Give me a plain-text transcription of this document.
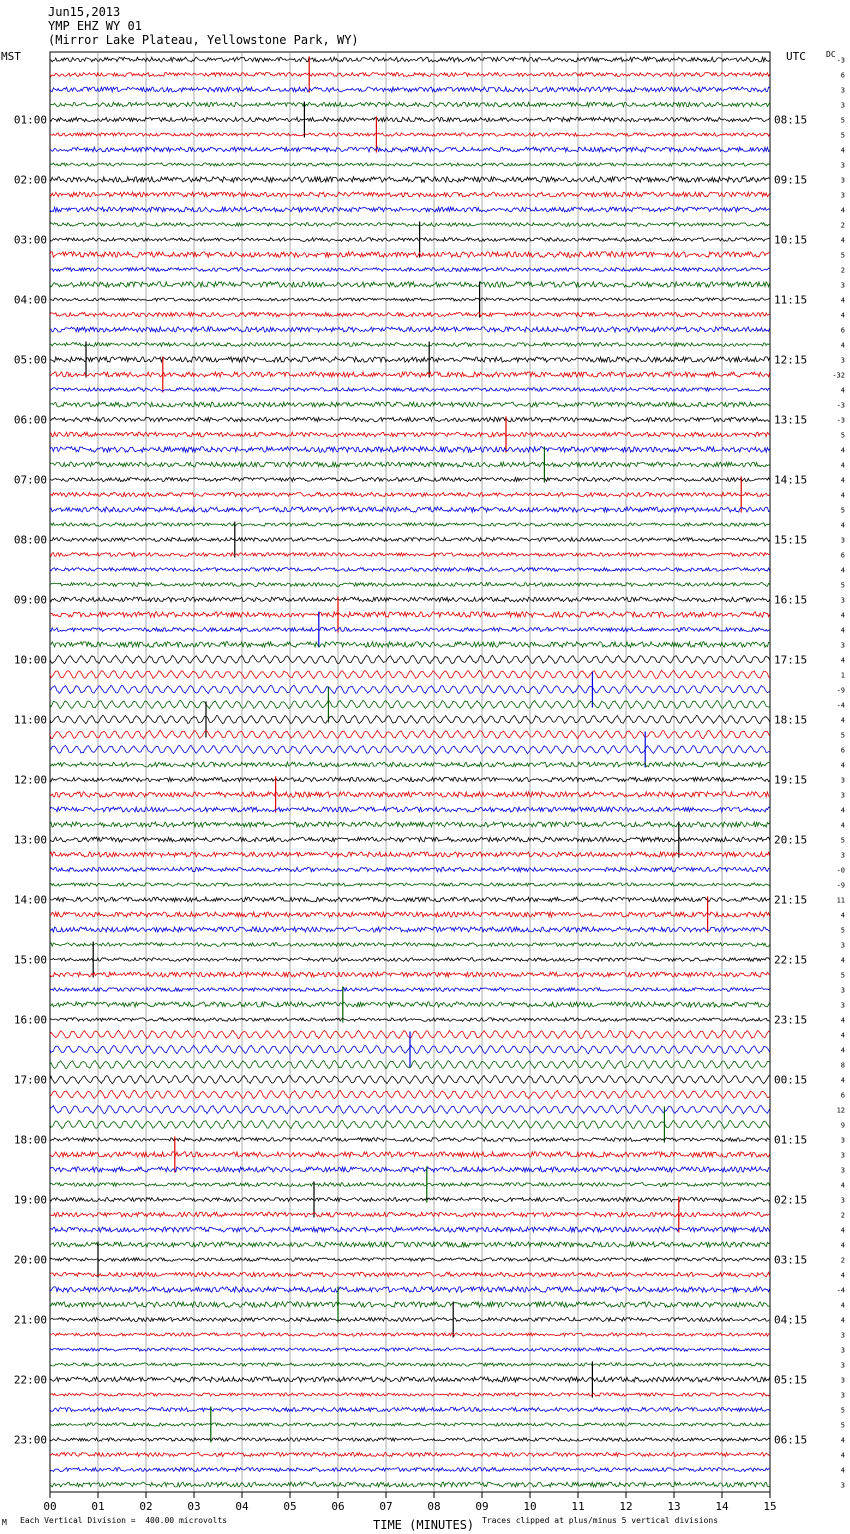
Jun15,2013
YMP EHZ WY 01
(Mirror Lake Plateau, Yellowstone Park, WY)
MST	UTC	DC
01:00
02:00
03:00
04:00
05:00
06:00
07:00
08:00
09:00
10:00
11:00
12:00
13:00
14:00
15:00
16:00
17:00
18:00
19:00
20:00
21:00
22:00
23:00
08:15
09:15
10:15
11:15
12:15
13:15
14:15
15:15
16:15
17:15
18:15
19:15
20:15
21:15
22:15
23:15
00:15
01:15
02:15
03:15
04:15
05:15
06:15
-3
6
3
3
5
5
4
3
3
3
4
2
4
5
2
3
4
4
6
4
3
-32
4
-3
-3
5
4
4
4
4
5
4
3
6
4
5
3
4
4
3
4
1
-9
-4
4
5
6
4
3
3
4
4
5
3
-0
-9
11
4
5
3
4
5
3
3
4
4
4
8
4
6
12
9
3
3
3
4
3
2
4
4
2
4
-4
4
4
3
3
3
3
3
5
5
4
4
4
3
00	01	02	03	04	05	06	07	08	09	10	11	12	13	14	15
M Each Vertical Division =  400.00 microvolts	TIME (MINUTES) Traces clipped at plus/minus 5 vertical divisions
